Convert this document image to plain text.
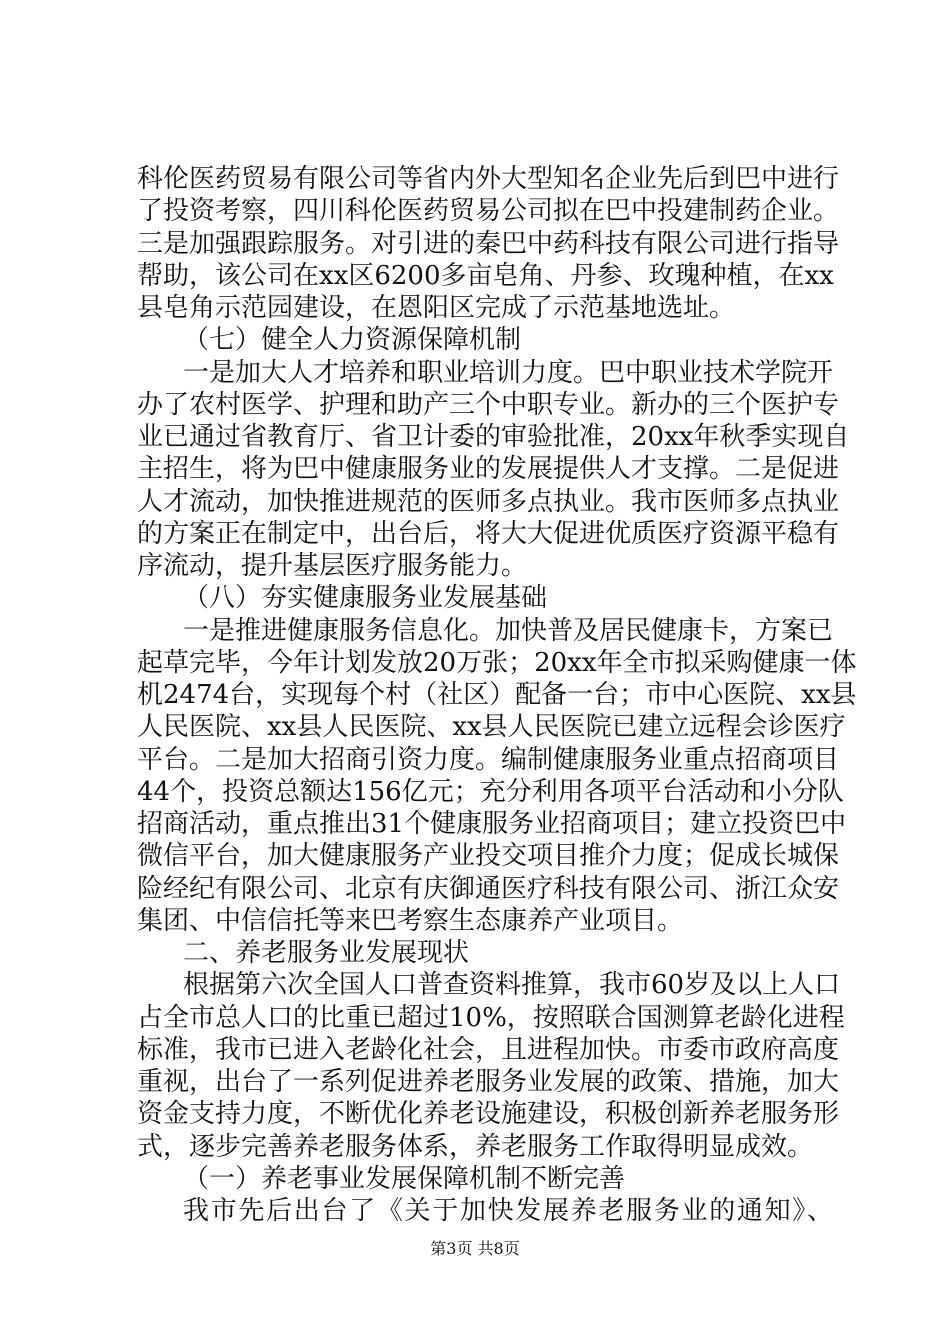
科伦医药贸易有限公司等省内外大型知名企业先后到巴中进行
了投资考察，四川科伦医药贸易公司拟在巴中投建制药企业。
三是加强跟踪服务。对引进的秦巴中药科技有限公司进行指导
帮助，该公司在xx区6200多亩皂角、丹参、玫瑰种植，在xx
县皂角示范园建设，在恩阳区完成了示范基地选址。
（七）健全人力资源保障机制
一是加大人才培养和职业培训力度。巴中职业技术学院开
办了农村医学、护理和助产三个中职专业。新办的三个医护专
业已通过省教育厅、省卫计委的审验批准，20xx年秋季实现自
主招生，将为巴中健康服务业的发展提供人才支撑。二是促进
人才流动，加快推进规范的医师多点执业。我市医师多点执业
的方案正在制定中，出台后，将大大促进优质医疗资源平稳有
序流动，提升基层医疗服务能力。
（八）夯实健康服务业发展基础
一是推进健康服务信息化。加快普及居民健康卡，方案已
起草完毕，今年计划发放20万张；20xx年全市拟采购健康一体
机2474台，实现每个村（社区）配备一台；市中心医院、xx县
人民医院、xx县人民医院、xx县人民医院已建立远程会诊医疗
平台。二是加大招商引资力度。编制健康服务业重点招商项目
44个，投资总额达156亿元；充分利用各项平台活动和小分队
招商活动，重点推出31个健康服务业招商项目；建立投资巴中
微信平台，加大健康服务产业投交项目推介力度；促成长城保
险经纪有限公司、北京有庆御通医疗科技有限公司、浙江众安
集团、中信信托等来巴考察生态康养产业项目。
二、养老服务业发展现状
根据第六次全国人口普查资料推算，我市60岁及以上人口
占全市总人口的比重已超过10%，按照联合国测算老龄化进程
标准，我市已进入老龄化社会，且进程加快。市委市政府高度
重视，出台了一系列促进养老服务业发展的政策、措施，加大
资金支持力度，不断优化养老设施建设，积极创新养老服务形
式，逐步完善养老服务体系，养老服务工作取得明显成效。
（一）养老事业发展保障机制不断完善
我市先后出台了《关于加快发展养老服务业的通知》、
第3页 共8页
